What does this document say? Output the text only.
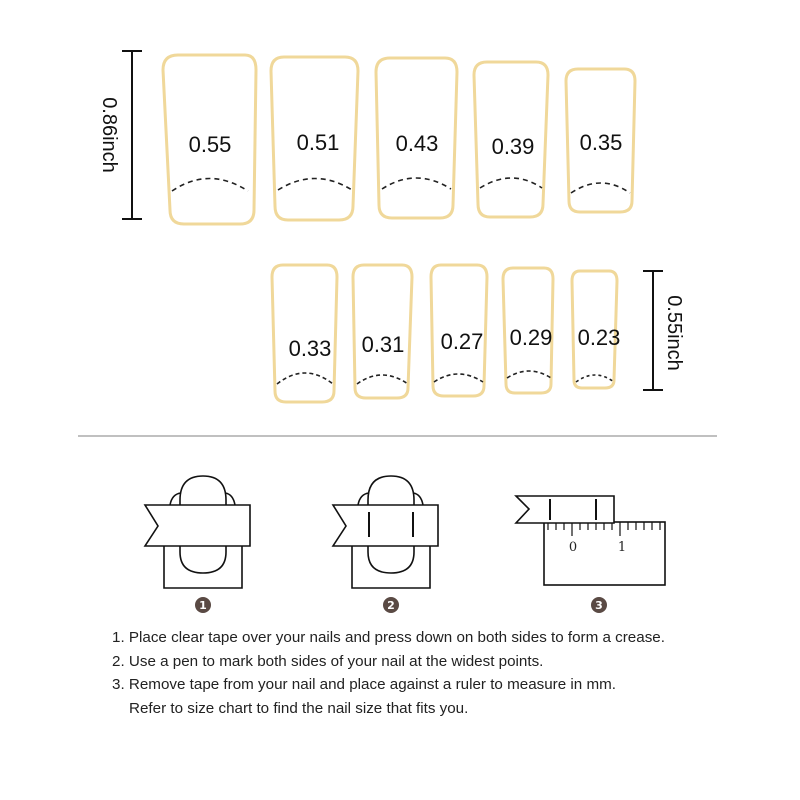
0.86inch	0.55	0.51	0.43 0.39 0.35
0.55inch
0.33 0.31 0.27 0.29 0.23
0	1
1	2	3
1. Place clear tape over your nails and press down on both sides to form a crease.
2. Use a pen to mark both sides of your nail at the widest points.
3. Remove tape from your nail and place against a ruler to measure in mm.
Refer to size chart to find the nail size that fits you.
